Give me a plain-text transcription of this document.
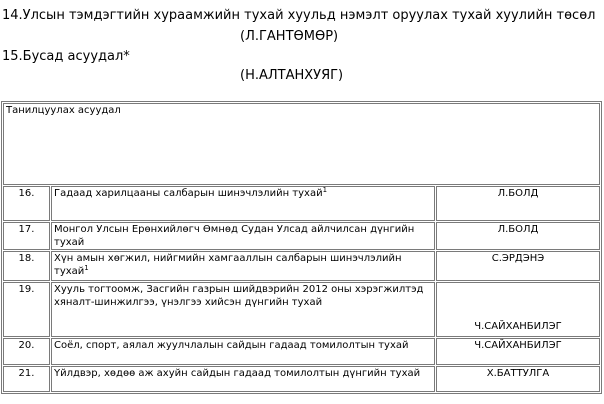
14.Улсын тэмдэгтийн хураамжийн тухай хуульд нэмэлт оруулах тухай хуулийн төсөл
(Л.ГАНТӨМӨР)
15.Бусад асуудал*
(Н.АЛТАНХУЯГ)
Танилцуулах асуудал		
16.	Гадаад харилцааны салбарын шинэчлэлийн тухай$^1$	Л.БОЛД
17.	Монгол Улсын Ерөнхийлөгч Өмнөд Судан Улсад айлчилсан дүнгийн тухай	Л.БОЛД
18.	Хүн амын хөгжил, нийгмийн хамгааллын салбарын шинэчлэлийн тухай$^1$	С.ЭРДЭНЭ
19.	Хууль тогтоомж, Засгийн газрын шийдвэрийн 2012 оны хэрэгжилтэд хяналт-шинжилгээ, үнэлгээ хийсэн дүнгийн тухай	Ч.САЙХАНБИЛЭГ
20.	Соёл, спорт, аялал жуулчлалын сайдын гадаад томилолтын тухай	Ч.САЙХАНБИЛЭГ
21.	Үйлдвэр, хөдөө аж ахуйн сайдын гадаад томилолтын дүнгийн тухай	Х.БАТТУЛГА
